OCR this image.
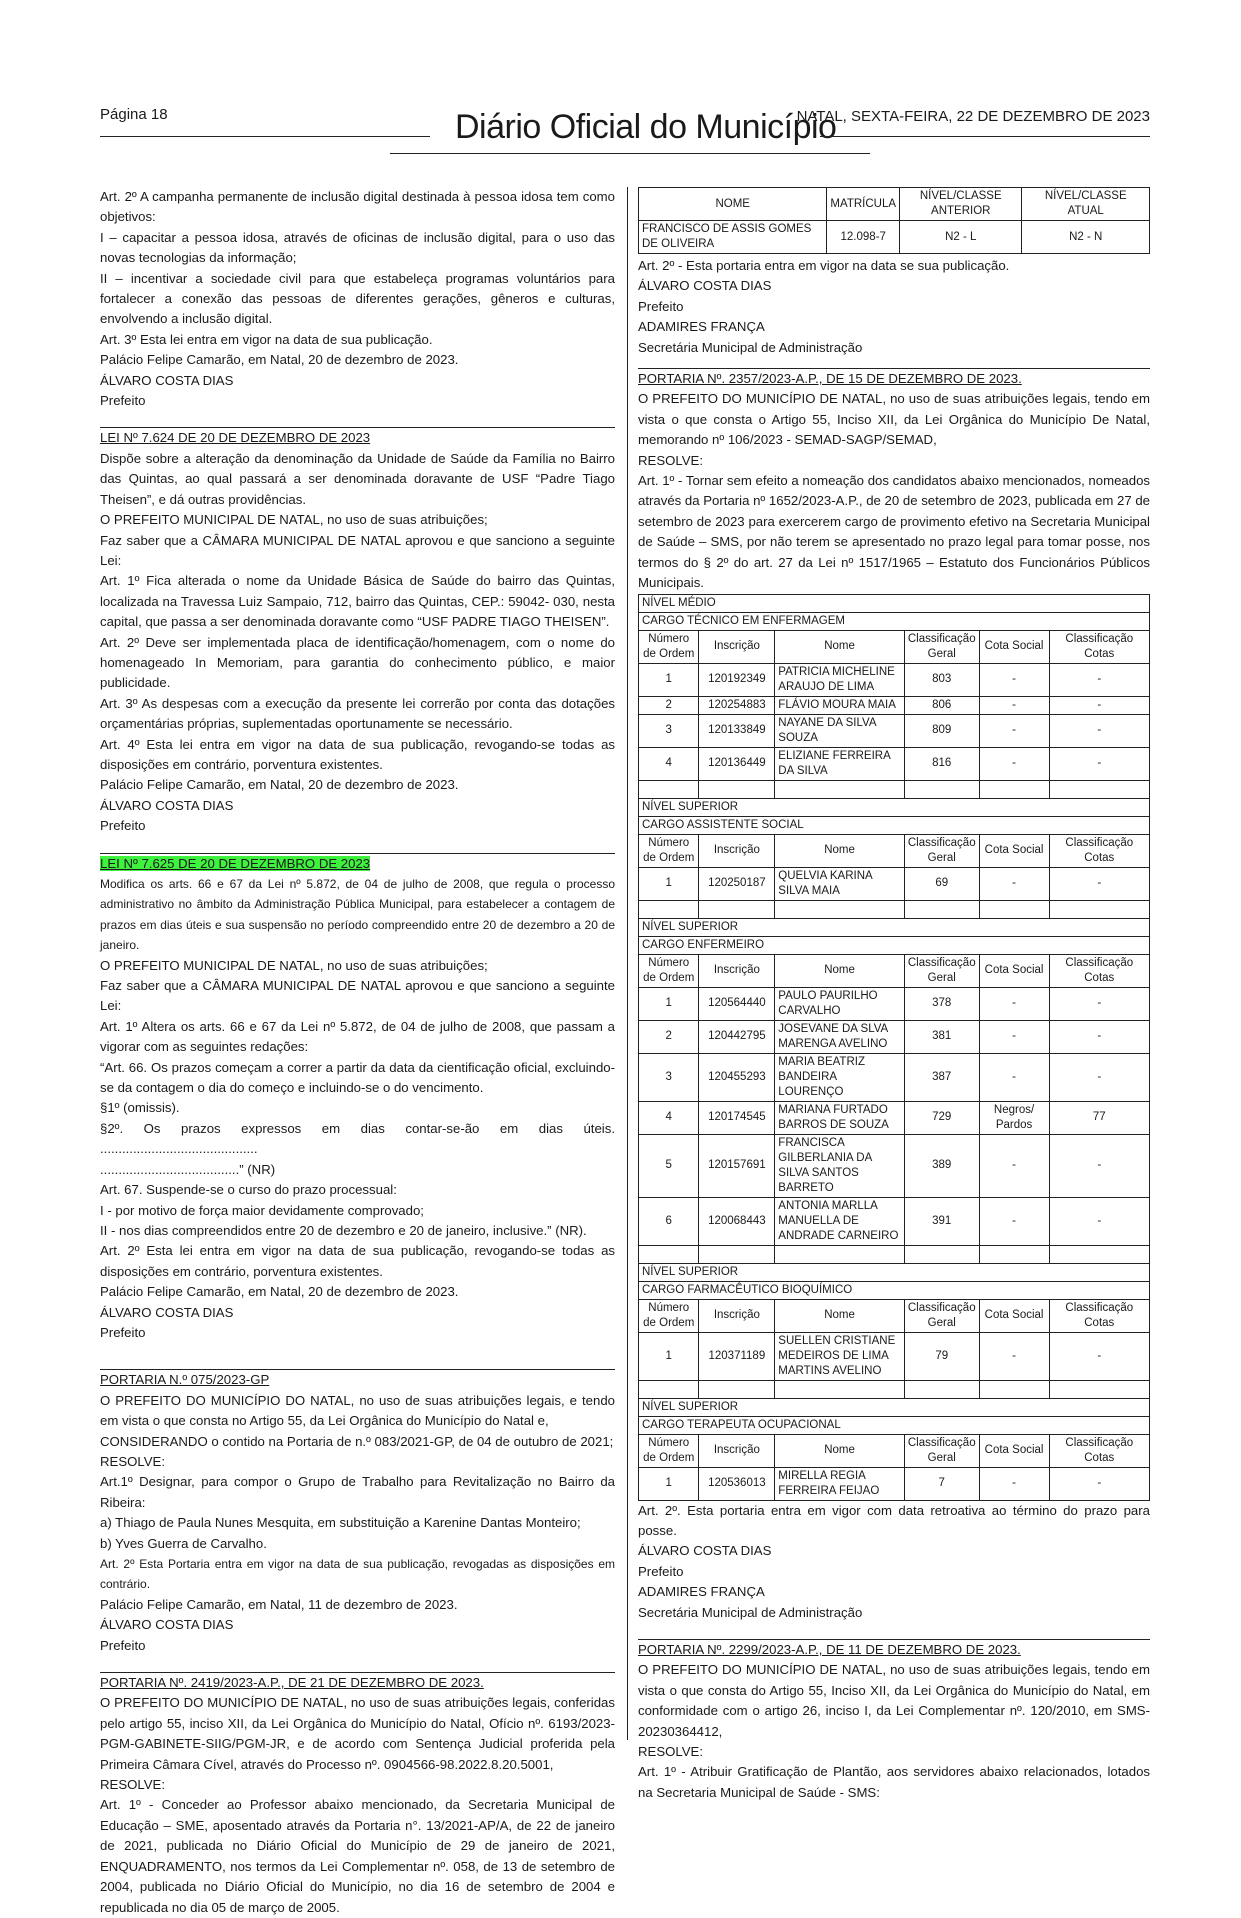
Página 18	Diário Oficial do Município
NATAL, SEXTA-FEIRA, 22 DE DEZEMBRO DE 2023

Art. 2º A campanha permanente de inclusão digital destinada à pessoa idosa tem como objetivos:

I – capacitar a pessoa idosa, através de oficinas de inclusão digital, para o uso das novas tecnologias da informação;

II – incentivar a sociedade civil para que estabeleça programas voluntários para fortalecer a conexão das pessoas de diferentes gerações, gêneros e culturas, envolvendo a inclusão digital.

Art. 3º Esta lei entra em vigor na data de sua publicação.

Palácio Felipe Camarão, em Natal, 20 de dezembro de 2023.

ÁLVARO COSTA DIAS

Prefeito

LEI Nº 7.624 DE 20 DE DEZEMBRO DE 2023

Dispõe sobre a alteração da denominação da Unidade de Saúde da Família no Bairro das Quintas, ao qual passará a ser denominada doravante de USF “Padre Tiago Theisen”, e dá outras providências.

O PREFEITO MUNICIPAL DE NATAL, no uso de suas atribuições;

Faz saber que a CÂMARA MUNICIPAL DE NATAL aprovou e que sanciono a seguinte Lei:

Art. 1º Fica alterada o nome da Unidade Básica de Saúde do bairro das Quintas, localizada na Travessa Luiz Sampaio, 712, bairro das Quintas, CEP.: 59042- 030, nesta capital, que passa a ser denominada doravante como “USF PADRE TIAGO THEISEN”.

Art. 2º Deve ser implementada placa de identificação/homenagem, com o nome do homenageado In Memoriam, para garantia do conhecimento público, e maior publicidade.

Art. 3º As despesas com a execução da presente lei correrão por conta das dotações orçamentárias próprias, suplementadas oportunamente se necessário.

Art. 4º Esta lei entra em vigor na data de sua publicação, revogando-se todas as disposições em contrário, porventura existentes.

Palácio Felipe Camarão, em Natal, 20 de dezembro de 2023.

ÁLVARO COSTA DIAS

Prefeito

LEI Nº 7.625 DE 20 DE DEZEMBRO DE 2023

Modifica os arts. 66 e 67 da Lei nº 5.872, de 04 de julho de 2008, que regula o processo administrativo no âmbito da Administração Pública Municipal, para estabelecer a contagem de prazos em dias úteis e sua suspensão no período compreendido entre 20 de dezembro a 20 de janeiro.

O PREFEITO MUNICIPAL DE NATAL, no uso de suas atribuições;

Faz saber que a CÂMARA MUNICIPAL DE NATAL aprovou e que sanciono a seguinte Lei:

Art. 1º Altera os arts. 66 e 67 da Lei nº 5.872, de 04 de julho de 2008, que passam a vigorar com as seguintes redações:

“Art. 66. Os prazos começam a correr a partir da data da cientificação oficial, excluindo-se da contagem o dia do começo e incluindo-se o do vencimento.

§1º (omissis).

§2º. Os prazos expressos em dias contar-se-ão em dias úteis. ...........................................

......................................” (NR)

Art. 67. Suspende-se o curso do prazo processual:

I - por motivo de força maior devidamente comprovado;

II - nos dias compreendidos entre 20 de dezembro e 20 de janeiro, inclusive.” (NR).

Art. 2º Esta lei entra em vigor na data de sua publicação, revogando-se todas as disposições em contrário, porventura existentes.

Palácio Felipe Camarão, em Natal, 20 de dezembro de 2023.

ÁLVARO COSTA DIAS

Prefeito

PORTARIA N.º 075/2023-GP

O PREFEITO DO MUNICÍPIO DO NATAL, no uso de suas atribuições legais, e tendo em vista o que consta no Artigo 55, da Lei Orgânica do Município do Natal e,

CONSIDERANDO o contido na Portaria de n.º 083/2021-GP, de 04 de outubro de 2021;

RESOLVE:

Art.1º Designar, para compor o Grupo de Trabalho para Revitalização no Bairro da Ribeira:

a) Thiago de Paula Nunes Mesquita, em substituição a Karenine Dantas Monteiro;

b) Yves Guerra de Carvalho.

Art. 2º Esta Portaria entra em vigor na data de sua publicação, revogadas as disposições em contrário.

Palácio Felipe Camarão, em Natal, 11 de dezembro de 2023.

ÁLVARO COSTA DIAS

Prefeito

PORTARIA Nº. 2419/2023-A.P., DE 21 DE DEZEMBRO DE 2023.

O PREFEITO DO MUNICÍPIO DE NATAL, no uso de suas atribuições legais, conferidas pelo artigo 55, inciso XII, da Lei Orgânica do Município do Natal, Ofício nº. 6193/2023-PGM-GABINETE-SIIG/PGM-JR, e de acordo com Sentença Judicial proferida pela Primeira Câmara Cível, através do Processo nº. 0904566-98.2022.8.20.5001,

RESOLVE:

Art. 1º - Conceder ao Professor abaixo mencionado, da Secretaria Municipal de Educação – SME, aposentado através da Portaria n°. 13/2021-AP/A, de 22 de janeiro de 2021, publicada no Diário Oficial do Município de 29 de janeiro de 2021, ENQUADRAMENTO, nos termos da Lei Complementar nº. 058, de 13 de setembro de 2004, publicada no Diário Oficial do Município, no dia 16 de setembro de 2004 e republicada no dia 05 de março de 2005.

NOME	MATRÍCULA	NÍVEL/CLASSE ANTERIOR	NÍVEL/CLASSE ATUAL
FRANCISCO DE ASSIS GOMES DE OLIVEIRA	12.098-7	N2 - L	N2 - N

Art. 2º - Esta portaria entra em vigor na data se sua publicação.

ÁLVARO COSTA DIAS

Prefeito

ADAMIRES FRANÇA

Secretária Municipal de Administração

PORTARIA Nº. 2357/2023-A.P., DE 15 DE DEZEMBRO DE 2023.

O PREFEITO DO MUNICÍPIO DE NATAL, no uso de suas atribuições legais, tendo em vista o que consta o Artigo 55, Inciso XII, da Lei Orgânica do Município De Natal, memorando nº 106/2023 - SEMAD-SAGP/SEMAD,

RESOLVE:

Art. 1º - Tornar sem efeito a nomeação dos candidatos abaixo mencionados, nomeados através da Portaria nº 1652/2023-A.P., de 20 de setembro de 2023, publicada em 27 de setembro de 2023 para exercerem cargo de provimento efetivo na Secretaria Municipal de Saúde – SMS, por não terem se apresentado no prazo legal para tomar posse, nos termos do § 2º do art. 27 da Lei nº 1517/1965 – Estatuto dos Funcionários Públicos Municipais.

NÍVEL MÉDIO					
CARGO TÉCNICO EM ENFERMAGEM					
Número de Ordem	Inscrição	Nome	Classificação Geral	Cota Social	Classificação Cotas
1	120192349	PATRICIA MICHELINE ARAUJO DE LIMA	803	-	-
2	120254883	FLÁVIO MOURA MAIA	806	-	-
3	120133849	NAYANE DA SILVA SOUZA	809	-	-
4	120136449	ELIZIANE FERREIRA DA SILVA	816	-	-

NÍVEL SUPERIOR					
CARGO ASSISTENTE SOCIAL					
Número de Ordem	Inscrição	Nome	Classificação Geral	Cota Social	Classificação Cotas
1	120250187	QUELVIA KARINA SILVA MAIA	69	-	-

NÍVEL SUPERIOR					
CARGO ENFERMEIRO					
Número de Ordem	Inscrição	Nome	Classificação Geral	Cota Social	Classificação Cotas
1	120564440	PAULO PAURILHO CARVALHO	378	-	-
2	120442795	JOSEVANE DA SLVA MARENGA AVELINO	381	-	-
3	120455293	MARIA BEATRIZ BANDEIRA LOURENÇO	387	-	-
4	120174545	MARIANA FURTADO BARROS DE SOUZA	729	Negros/ Pardos	77
5	120157691	FRANCISCA GILBERLANIA DA SILVA SANTOS BARRETO	389	-	-
6	120068443	ANTONIA MARLLA MANUELLA DE ANDRADE CARNEIRO	391	-	-

NÍVEL SUPERIOR					
CARGO FARMACÊUTICO BIOQUÍMICO					
Número de Ordem	Inscrição	Nome	Classificação Geral	Cota Social	Classificação Cotas
1	120371189	SUELLEN CRISTIANE MEDEIROS DE LIMA MARTINS AVELINO	79	-	-

NÍVEL SUPERIOR					
CARGO TERAPEUTA OCUPACIONAL					
Número de Ordem	Inscrição	Nome	Classificação Geral	Cota Social	Classificação Cotas
1	120536013	MIRELLA REGIA FERREIRA FEIJAO	7	-	-

Art. 2º. Esta portaria entra em vigor com data retroativa ao término do prazo para posse.

ÁLVARO COSTA DIAS

Prefeito

ADAMIRES FRANÇA

Secretária Municipal de Administração

PORTARIA Nº. 2299/2023-A.P., DE 11 DE DEZEMBRO DE 2023.

O PREFEITO DO MUNICÍPIO DE NATAL, no uso de suas atribuições legais, tendo em vista o que consta do Artigo 55, Inciso XII, da Lei Orgânica do Município do Natal, em conformidade com o artigo 26, inciso I, da Lei Complementar nº. 120/2010, em SMS-20230364412,

RESOLVE:

Art. 1º - Atribuir Gratificação de Plantão, aos servidores abaixo relacionados, lotados na Secretaria Municipal de Saúde - SMS:
